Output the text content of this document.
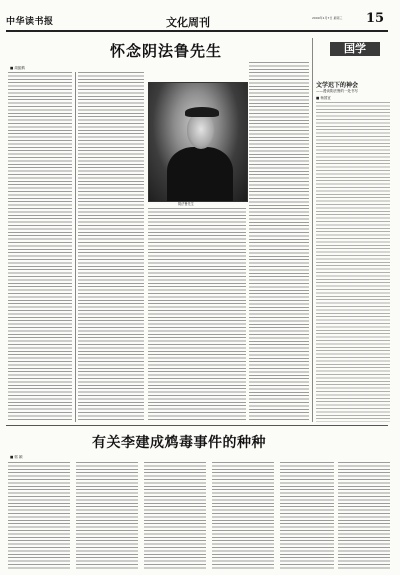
中华读书报	文化周刊	2009年1月7日 星期三 15
怀念阴法鲁先生
■ 周振鹤
阴法鲁先生
国学
文学迟下的神会
——漫谈阴法鲁的一处书写
■ 杨国宜
有关李建成鸩毒事件的种种
■ 郭 颖
